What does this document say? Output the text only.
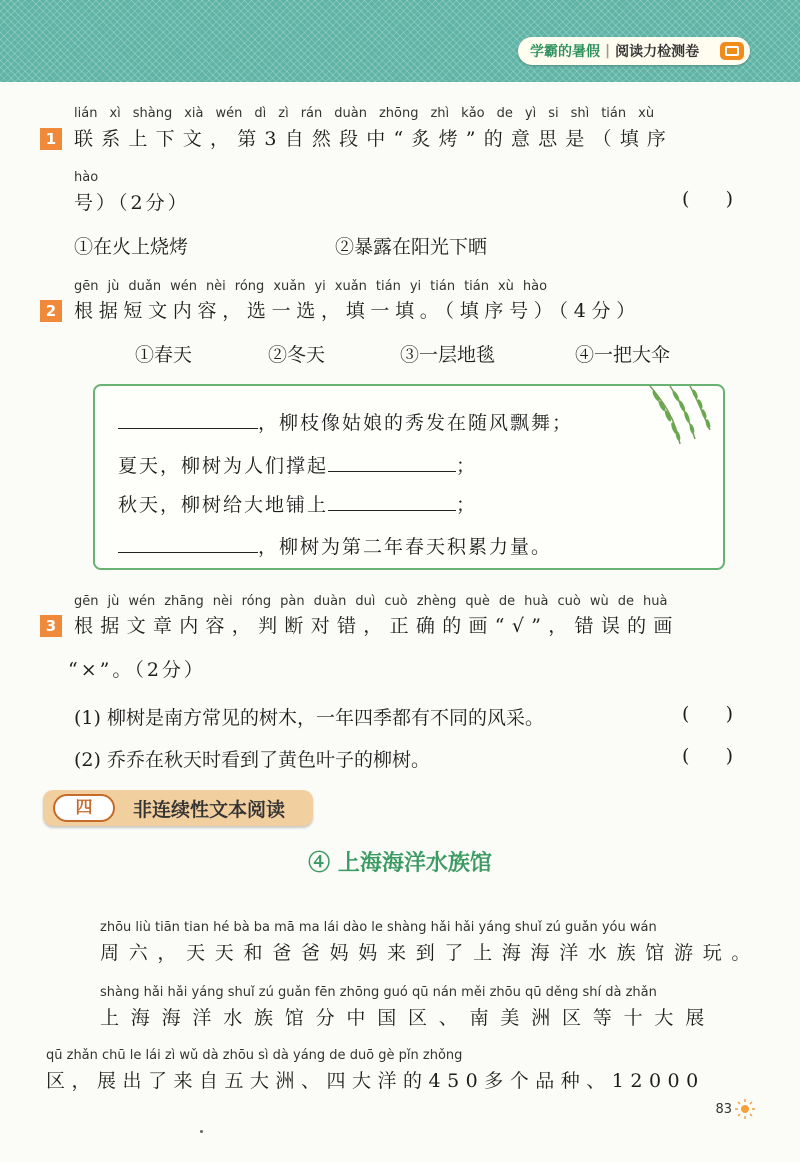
学霸的暑假 | 阅读力检测卷
lián xì shàng xià wén dì zì rán duàn zhōng zhì kǎo de yì si shì tián xù
1 联系上下文，第3自然段中“炙烤”的意思是（填序
hào
号）（2分）	(      )
①在火上烧烤	②暴露在阳光下晒
gēn jù duǎn wén nèi róng xuǎn yi xuǎn tián yi tián tián xù hào
2 根据短文内容，选一选，填一填。（填序号）（4分）
①春天	②冬天	③一层地毯	④一把大伞
，柳枝像姑娘的秀发在随风飘舞；
夏天，柳树为人们撑起	；
秋天，柳树给大地铺上	；
，柳树为第二年春天积累力量。
gēn jù wén zhāng nèi róng pàn duàn duì cuò zhèng què de huà cuò wù de huà
3 根据文章内容，判断对错，正确的画“√”，错误的画
“×”。（2分）
(1) 柳树是南方常见的树木，一年四季都有不同的风采。	(      )
(2) 乔乔在秋天时看到了黄色叶子的柳树。	(      )
四	非连续性文本阅读
④ 上海海洋水族馆
zhōu liù tiān tian hé bà ba mā ma lái dào le shàng hǎi hǎi yáng shuǐ zú guǎn yóu wán
周六，天天和爸爸妈妈来到了上海海洋水族馆游玩。
shàng hǎi hǎi yáng shuǐ zú guǎn fēn zhōng guó qū nán měi zhōu qū děng shí dà zhǎn
上海海洋水族馆分中国区、南美洲区等十大展
qū zhǎn chū le lái zì wǔ dà zhōu sì dà yáng de duō gè pǐn zhǒng
区，展出了来自五大洲、四大洋的450多个品种、12000
83
